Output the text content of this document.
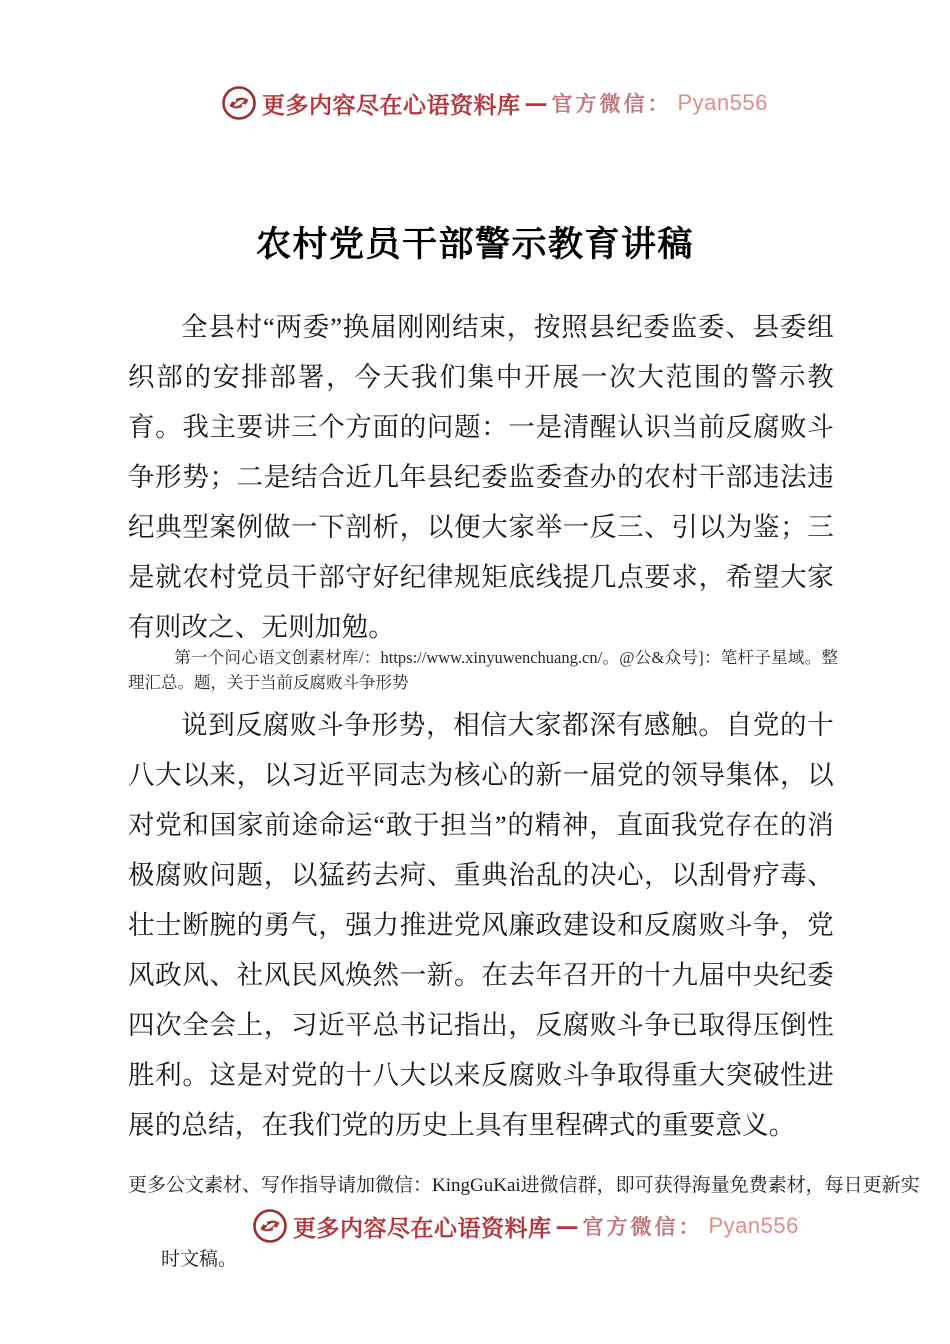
更多内容尽在心语资料库 — 官方微信： Pyan556
农村党员干部警示教育讲稿

全县村“两委”换届刚刚结束，按照县纪委监委、县委组织部的安排部署，今天我们集中开展一次大范围的警示教育。我主要讲三个方面的问题：一是清醒认识当前反腐败斗争形势；二是结合近几年县纪委监委查办的农村干部违法违纪典型案例做一下剖析，以便大家举一反三、引以为鉴；三是就农村党员干部守好纪律规矩底线提几点要求，希望大家有则改之、无则加勉。

第一个问心语文创素材库/：https://www.xinyuwenchuang.cn/。@公&众号]：笔杆子星域。整理汇总。题，关于当前反腐败斗争形势

说到反腐败斗争形势，相信大家都深有感触。自党的十八大以来，以习近平同志为核心的新一届党的领导集体，以对党和国家前途命运“敢于担当”的精神，直面我党存在的消极腐败问题，以猛药去疴、重典治乱的决心，以刮骨疗毒、壮士断腕的勇气，强力推进党风廉政建设和反腐败斗争，党风政风、社风民风焕然一新。在去年召开的十九届中央纪委四次全会上，习近平总书记指出，反腐败斗争已取得压倒性胜利。这是对党的十八大以来反腐败斗争取得重大突破性进展的总结，在我们党的历史上具有里程碑式的重要意义。

更多公文素材、写作指导请加微信：KingGuKai进微信群，即可获得海量免费素材，每日更新实

更多内容尽在心语资料库 — 官方微信： Pyan556
时文稿。
